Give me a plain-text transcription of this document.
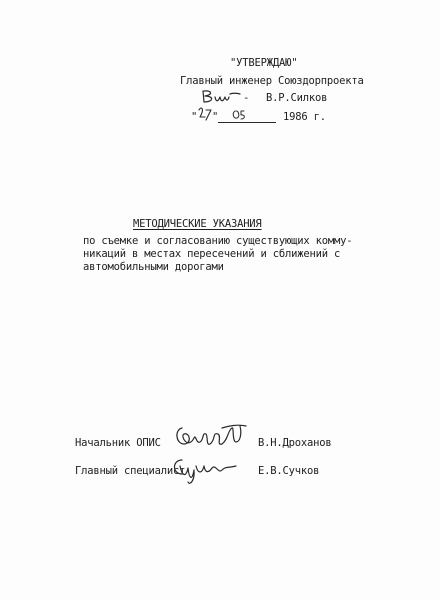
"УТВЕРЖДАЮ"
Главный инженер Союздорпроекта
- В.Р.Силков
" "	1986 г.
МЕТОДИЧЕСКИЕ УКАЗАНИЯ
по съемке и согласованию существующих комму-
никаций в местах пересечений и сближений с
автомобильными дорогами
Начальник ОПИС	В.Н.Дроханов
Главный специалист	Е.В.Сучков
